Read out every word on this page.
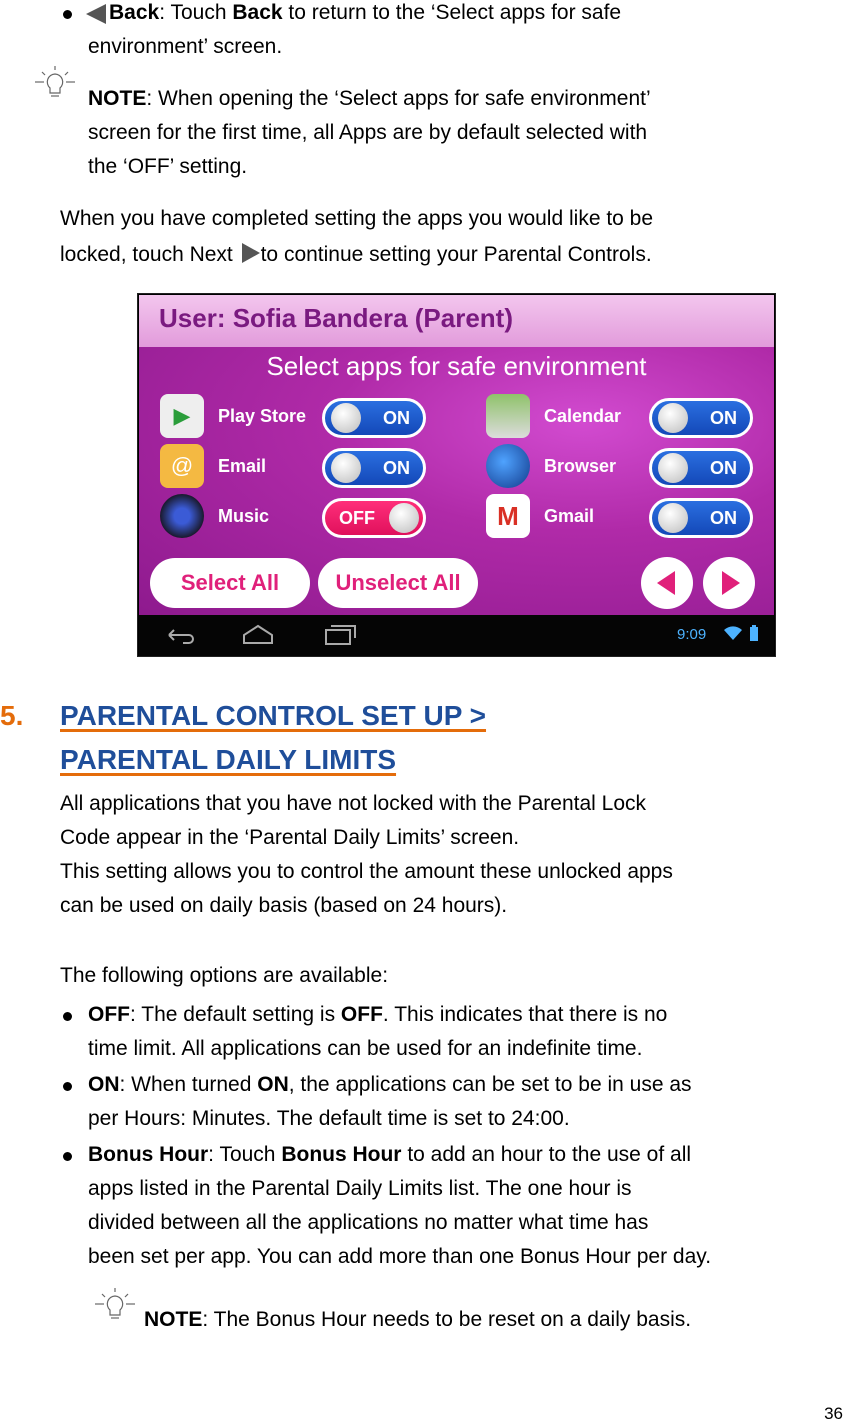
Back: Touch Back to return to the ‘Select apps for safe
environment’ screen.
NOTE: When opening the ‘Select apps for safe environment’
screen for the first time, all Apps are by default selected with
the ‘OFF’ setting.
When you have completed setting the apps you would like to be
locked, touch Next to continue setting your Parental Controls.
User: Sofia Bandera (Parent)
Select apps for safe environment
▶	Play Store	ON
@	Email	ON
Music	OFF
Calendar	ON
Browser	ON
M	Gmail	ON
Select All	Unselect All
9:09
5. PARENTAL CONTROL SET UP >
PARENTAL DAILY LIMITS
All applications that you have not locked with the Parental Lock
Code appear in the ‘Parental Daily Limits’ screen.
This setting allows you to control the amount these unlocked apps
can be used on daily basis (based on 24 hours).
The following options are available:
OFF: The default setting is OFF. This indicates that there is no
time limit. All applications can be used for an indefinite time.
ON: When turned ON, the applications can be set to be in use as
per Hours: Minutes. The default time is set to 24:00.
Bonus Hour: Touch Bonus Hour to add an hour to the use of all
apps listed in the Parental Daily Limits list. The one hour is
divided between all the applications no matter what time has
been set per app. You can add more than one Bonus Hour per day.
NOTE: The Bonus Hour needs to be reset on a daily basis.
36
